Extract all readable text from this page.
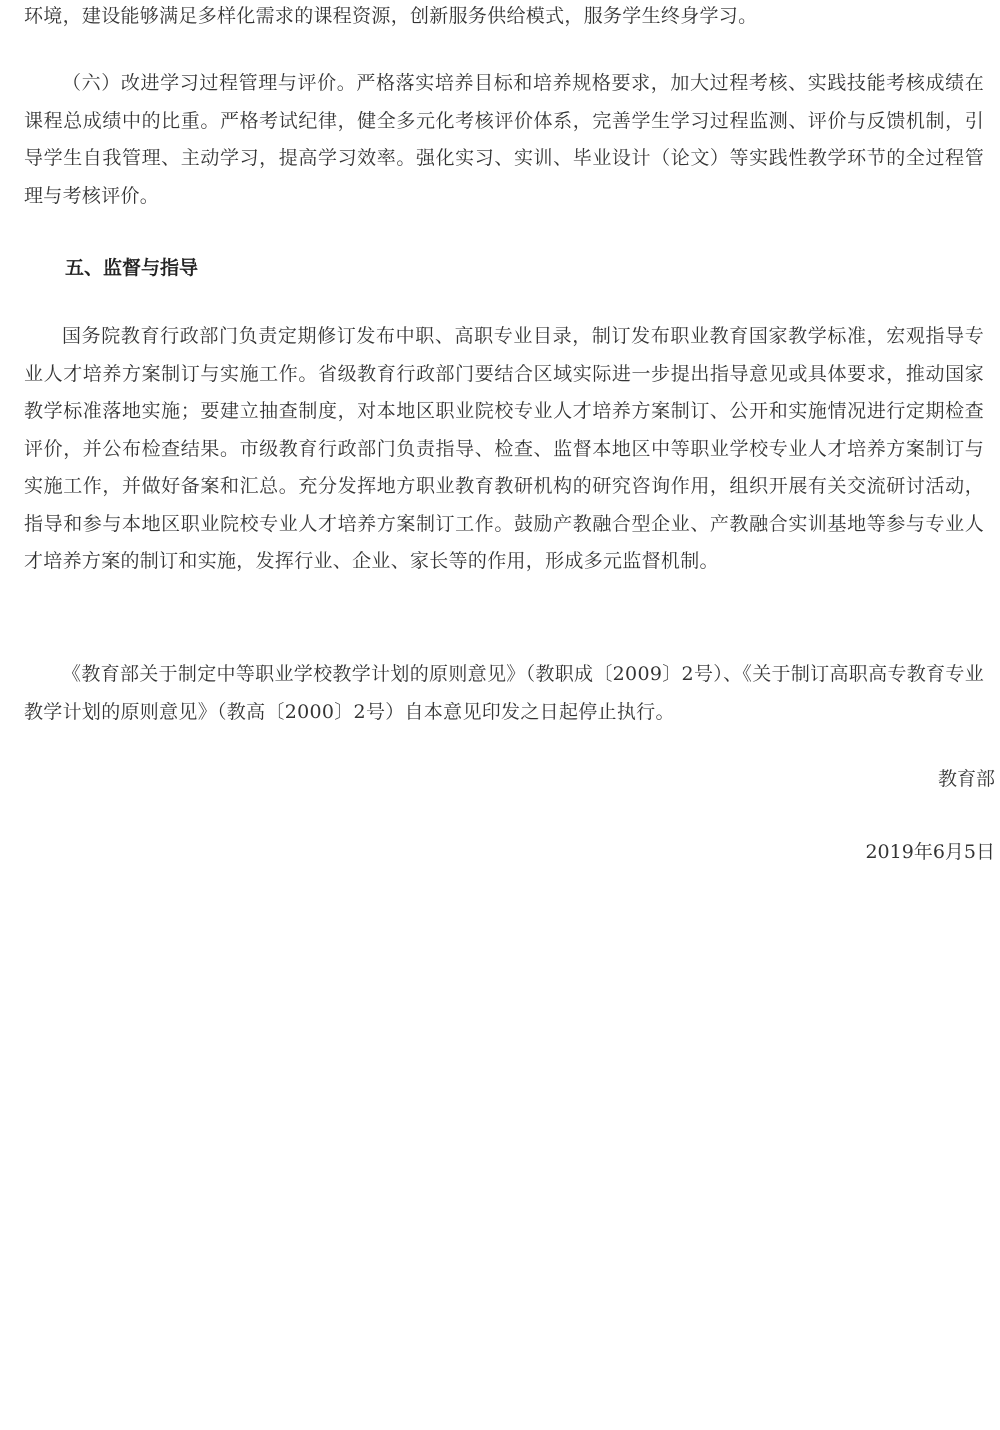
环境，建设能够满足多样化需求的课程资源，创新服务供给模式，服务学生终身学习。

（六）改进学习过程管理与评价。严格落实培养目标和培养规格要求，加大过程考核、实践技能考核成绩在课程总成绩中的比重。严格考试纪律，健全多元化考核评价体系，完善学生学习过程监测、评价与反馈机制，引导学生自我管理、主动学习，提高学习效率。强化实习、实训、毕业设计（论文）等实践性教学环节的全过程管理与考核评价。

五、监督与指导

国务院教育行政部门负责定期修订发布中职、高职专业目录，制订发布职业教育国家教学标准，宏观指导专业人才培养方案制订与实施工作。省级教育行政部门要结合区域实际进一步提出指导意见或具体要求，推动国家教学标准落地实施；要建立抽查制度，对本地区职业院校专业人才培养方案制订、公开和实施情况进行定期检查评价，并公布检查结果。市级教育行政部门负责指导、检查、监督本地区中等职业学校专业人才培养方案制订与实施工作，并做好备案和汇总。充分发挥地方职业教育教研机构的研究咨询作用，组织开展有关交流研讨活动，指导和参与本地区职业院校专业人才培养方案制订工作。鼓励产教融合型企业、产教融合实训基地等参与专业人才培养方案的制订和实施，发挥行业、企业、家长等的作用，形成多元监督机制。

《教育部关于制定中等职业学校教学计划的原则意见》（教职成〔2009〕2号）、《关于制订高职高专教育专业教学计划的原则意见》（教高〔2000〕2号）自本意见印发之日起停止执行。

教育部

2019年6月5日
